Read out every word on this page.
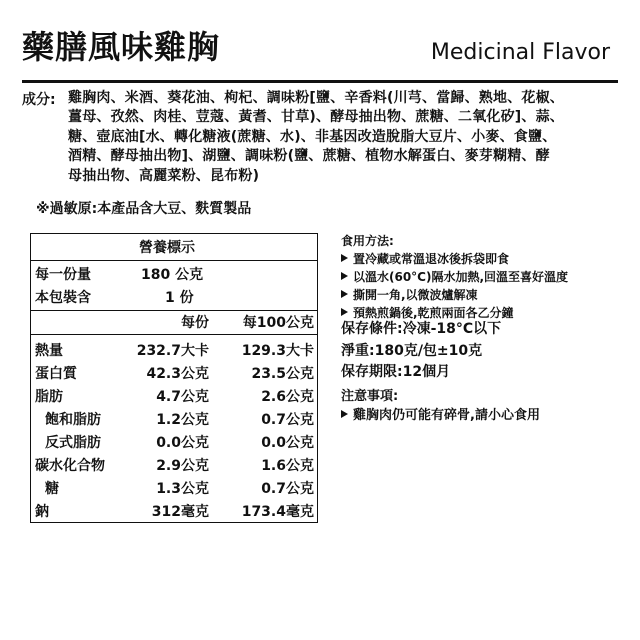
藥膳風味雞胸	Medicinal Flavor
成分: 雞胸肉、米酒、葵花油、枸杞、調味粉[鹽、辛香料(川芎、當歸、熟地、花椒、
薑母、孜然、肉桂、荳蔻、黃耆、甘草)、酵母抽出物、蔗糖、二氧化矽]、蒜、
糖、壺底油[水、轉化糖液(蔗糖、水)、非基因改造脫脂大豆片、小麥、食鹽、
酒精、酵母抽出物]、湖鹽、調味粉(鹽、蔗糖、植物水解蛋白、麥芽糊精、酵
母抽出物、高麗菜粉、昆布粉)
※過敏原:本產品含大豆、麩質製品
營養標示
每一份量	180 公克
本包裝含	1 份
每份 每100公克
熱量	232.7大卡 129.3大卡
蛋白質	42.3公克	23.5公克
脂肪	4.7公克	2.6公克
飽和脂肪	1.2公克	0.7公克
反式脂肪	0.0公克	0.0公克
碳水化合物	2.9公克	1.6公克
糖	1.3公克	0.7公克
鈉	312毫克 173.4毫克
食用方法:
置冷藏或常溫退冰後拆袋即食
以溫水(60°C)隔水加熱,回溫至喜好溫度
撕開一角,以微波爐解凍
預熱煎鍋後,乾煎兩面各乙分鐘
保存條件:冷凍-18°C以下
淨重:180克/包±10克
保存期限:12個月
注意事項:
雞胸肉仍可能有碎骨,請小心食用
